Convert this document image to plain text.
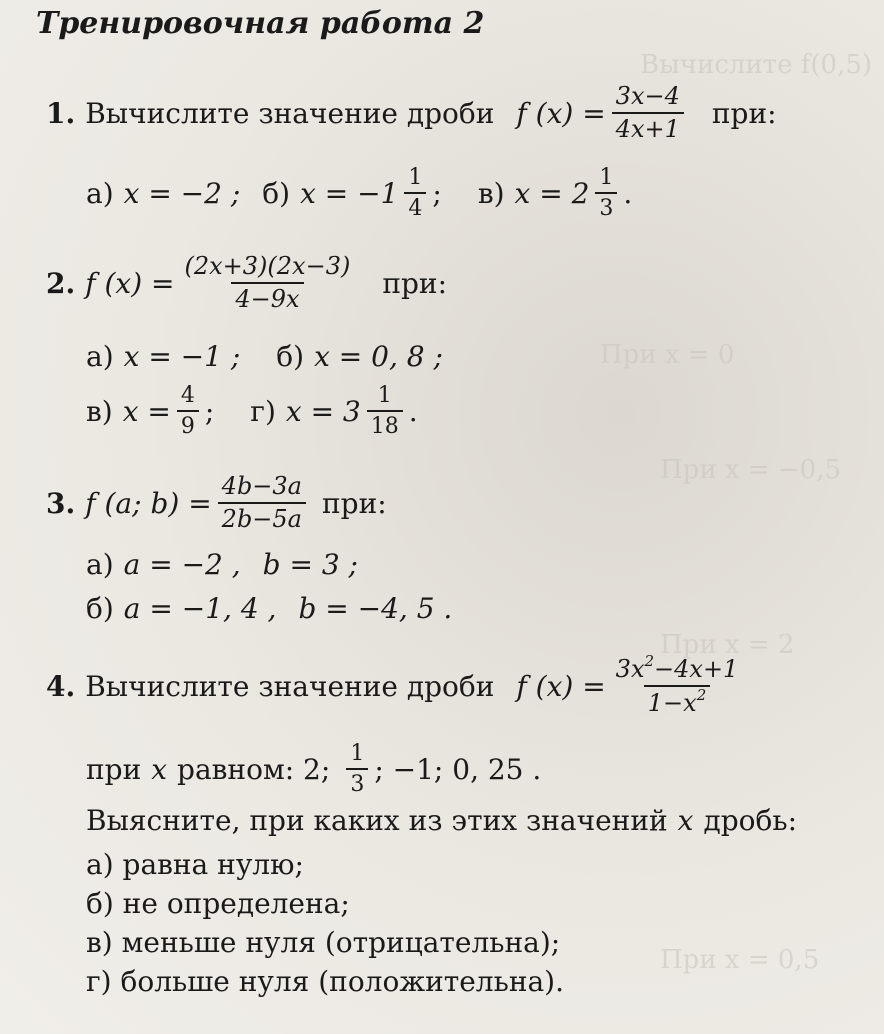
Вычислите f(0,5)
При x = 0
При x = −0,5
При x = 2
При x = 0,5
Тренировочная работа 2
1. Вычислите значение дроби f $(x) = \frac{3x-4}{4x+1}$ при:
а) x = −2 ; б) $x = -1 \frac{1}{4}$ ; в) $x = 2 \frac{1}{3}$ .
2. f $(x) = \frac{(2x+3)(2x-3)}{4-9x}$ при:
а) x = −1 ; б) x = 0, 8 ;
в) $x = \frac{4}{9}$ ; г) $x = 3 \frac{1}{18}$ .
3. f (a; $b) = \frac{4b-3a}{2b-5a}$ при:
а) a = −2 , b = 3 ;
б) a = −1, 4 , b = −4, 5 .
4. Вычислите значение дроби f $(x) = \frac{3x^2-4x+1}{1-x^2}$
при x равном: 2; $\frac{1}{3}$ ; −1; 0, 25 .
Выясните, при каких из этих значений x дробь:
а) равна нулю;
б) не определена;
в) меньше нуля (отрицательна);
г) больше нуля (положительна).
